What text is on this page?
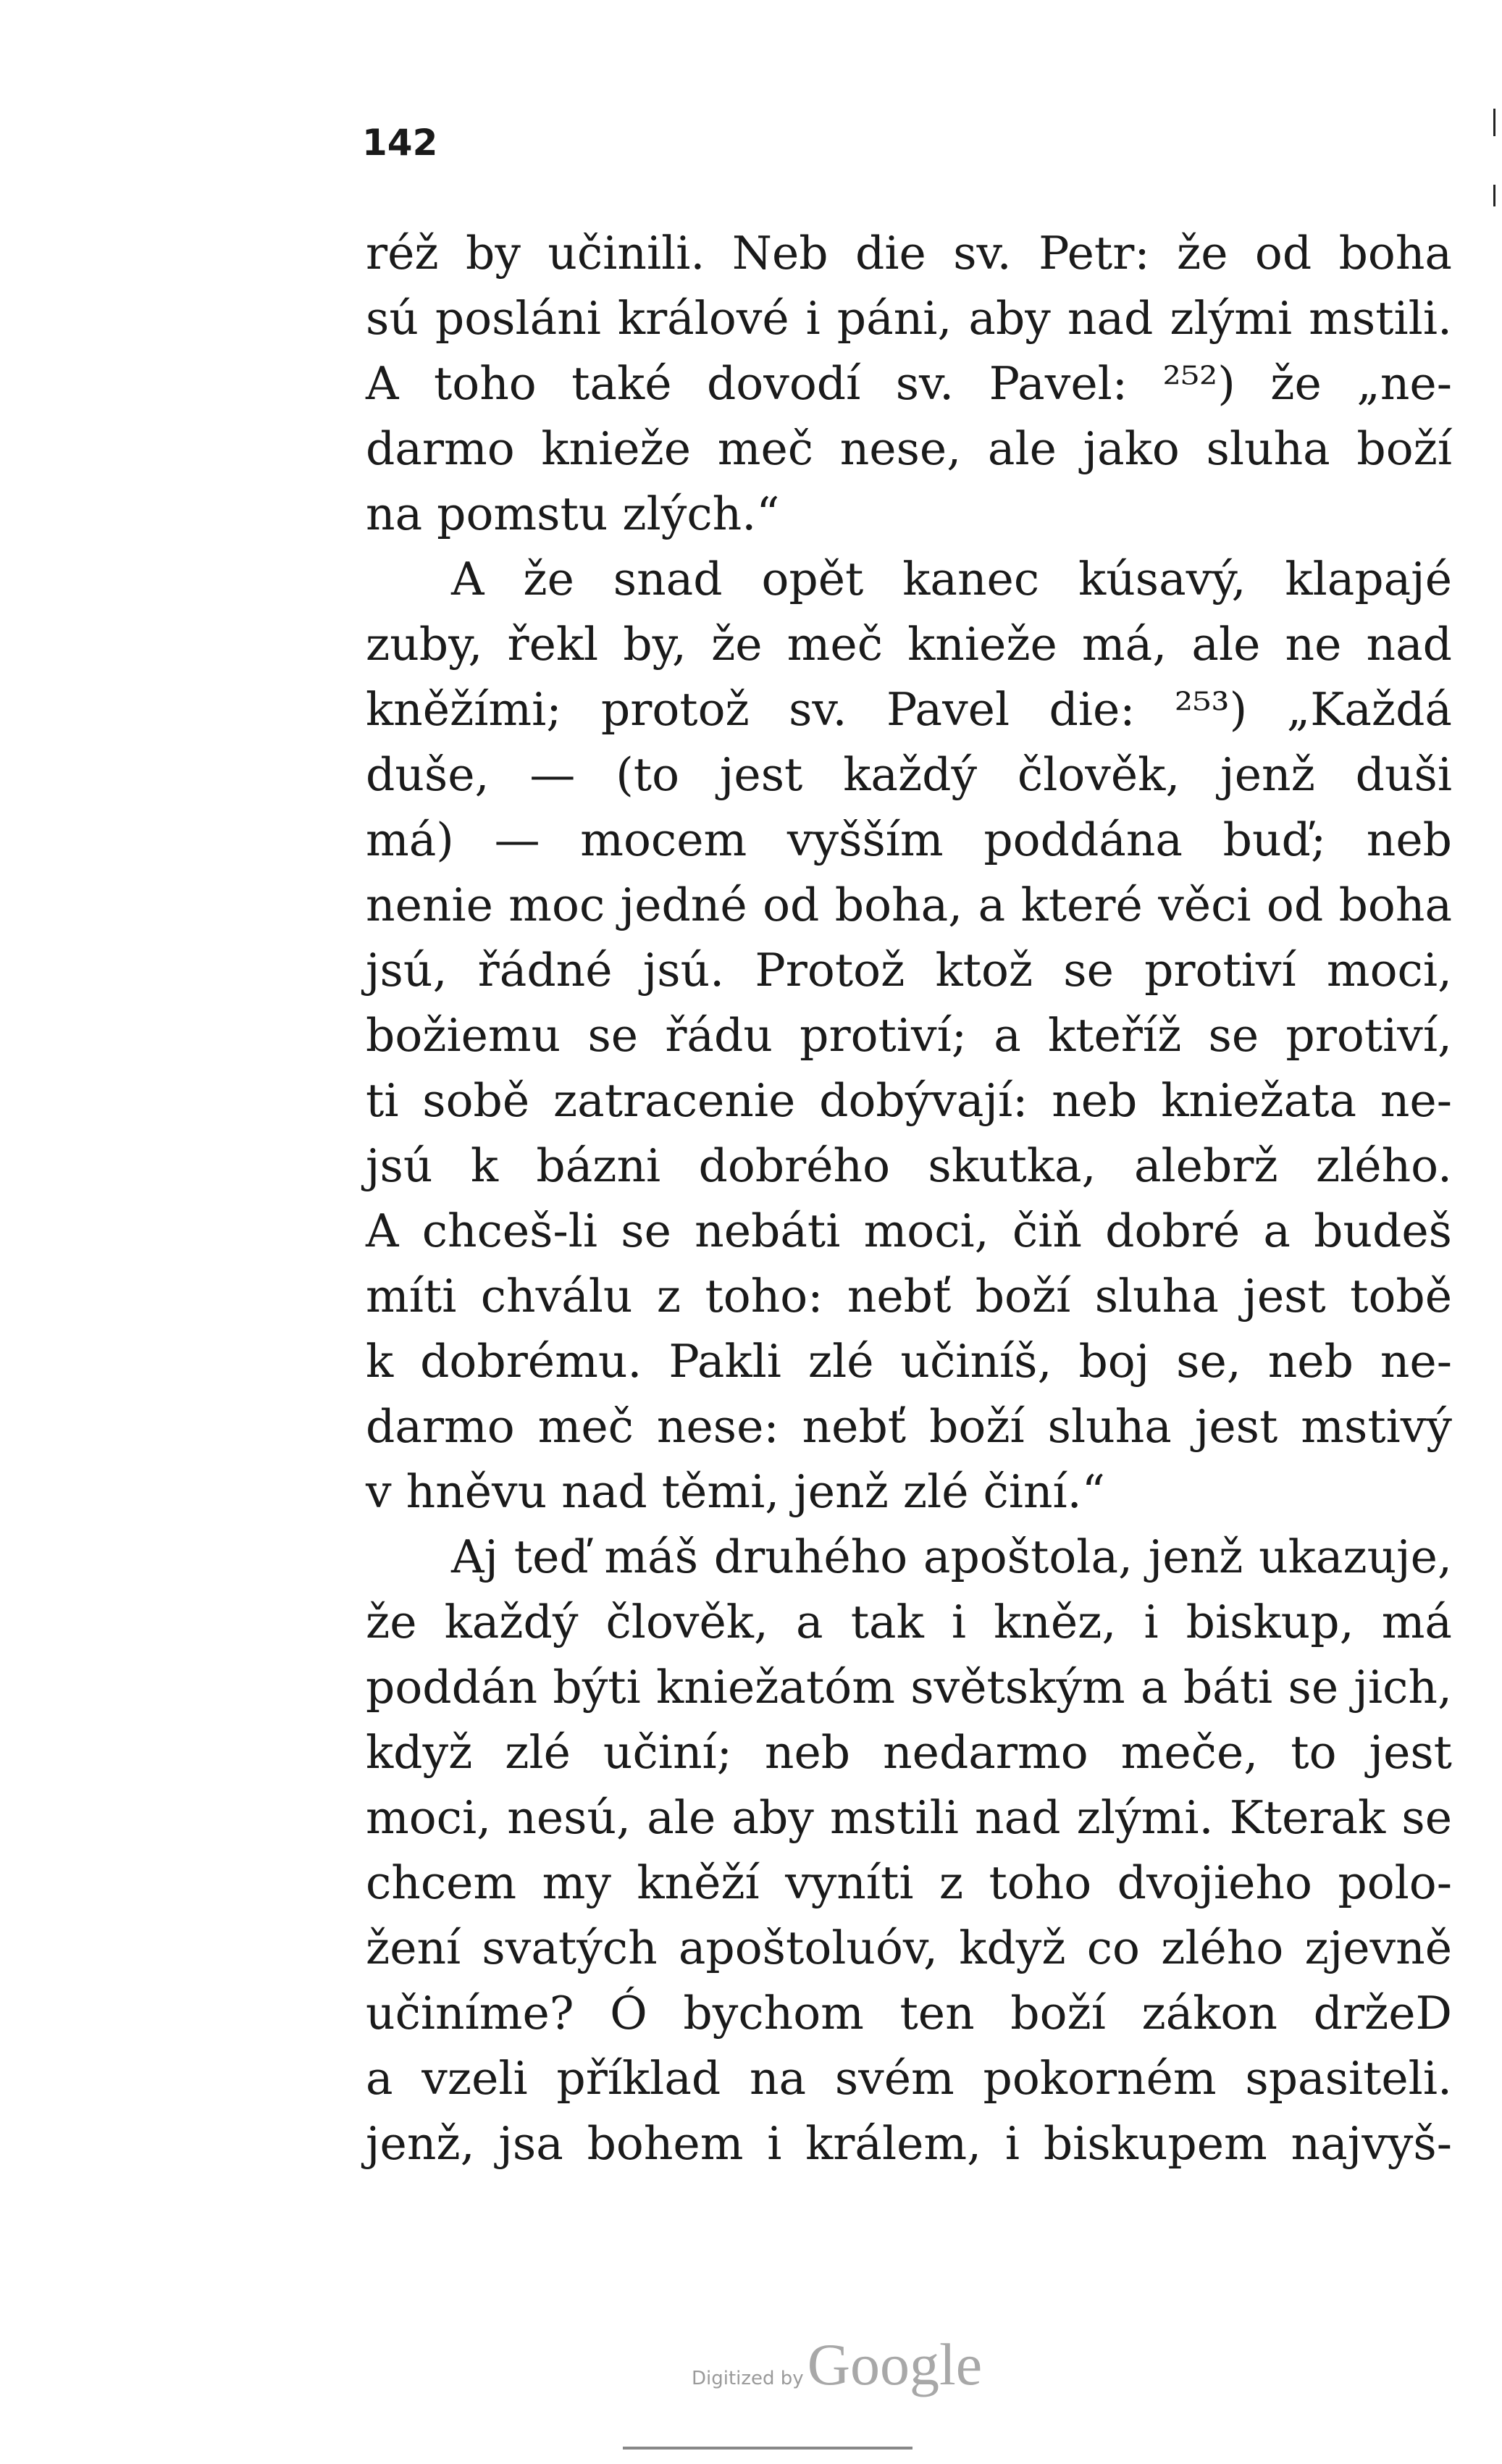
142
réž by učinili. Neb die sv. Petr: že od boha
sú posláni králové i páni, aby nad zlými mstili.
A toho také dovodí sv. Pavel: ²⁵²) že „ne-
darmo knieže meč nese, ale jako sluha boží
na pomstu zlých.“
A že snad opět kanec kúsavý, klapajé
zuby, řekl by, že meč knieže má, ale ne nad
kněžími; protož sv. Pavel die: ²⁵³) „Každá
duše, — (to jest každý člověk, jenž duši
má) — mocem vyšším poddána buď; neb
nenie moc jedné od boha, a které věci od boha
jsú, řádné jsú. Protož ktož se protiví moci,
božiemu se řádu protiví; a kteříž se protiví,
ti sobě zatracenie dobývají: neb kniežata ne-
jsú k bázni dobrého skutka, alebrž zlého.
A chceš-li se nebáti moci, čiň dobré a budeš
míti chválu z toho: nebť boží sluha jest tobě
k dobrému. Pakli zlé učiníš, boj se, neb ne-
darmo meč nese: nebť boží sluha jest mstivý
v hněvu nad těmi, jenž zlé činí.“
Aj teď máš druhého apoštola, jenž ukazuje,
že každý člověk, a tak i kněz, i biskup, má
poddán býti kniežatóm světským a báti se jich,
když zlé učiní; neb nedarmo meče, to jest
moci, nesú, ale aby mstili nad zlými. Kterak se
chcem my kněží vyníti z toho dvojieho polo-
žení svatých apoštoluóv, když co zlého zjevně
učiníme? Ó bychom ten boží zákon držeD
a vzeli příklad na svém pokorném spasiteli.
jenž, jsa bohem i králem, i biskupem najvyš-
Digitized by Google
